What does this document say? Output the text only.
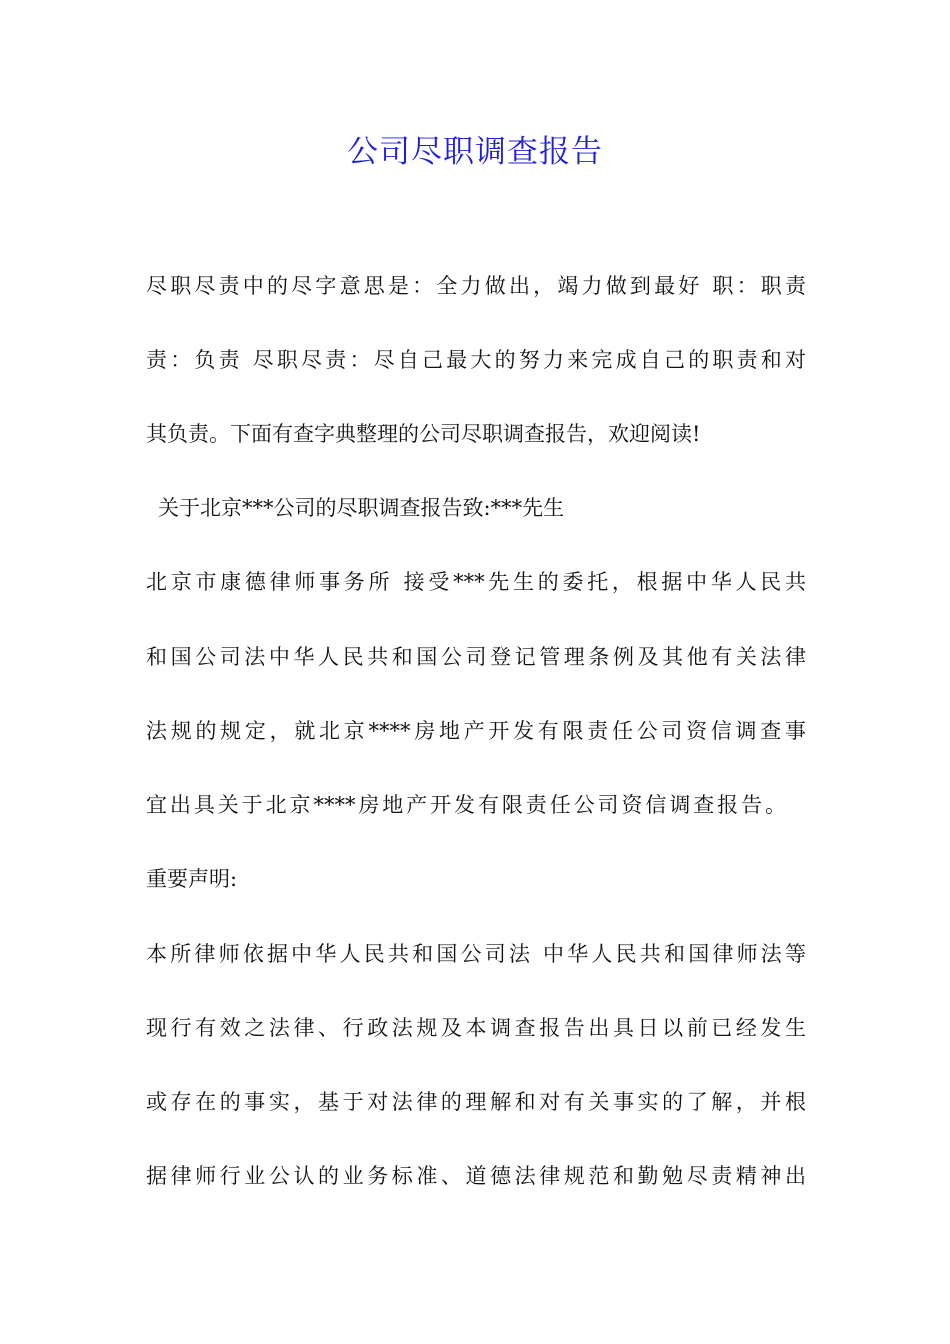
公司尽职调查报告
尽职尽责中的尽字意思是：全力做出，竭力做到最好 职：职责
责：负责 尽职尽责：尽自己最大的努力来完成自己的职责和对
其负责。下面有查字典整理的公司尽职调查报告，欢迎阅读!
关于北京***公司的尽职调查报告致:***先生
北京市康德律师事务所 接受***先生的委托，根据中华人民共
和国公司法中华人民共和国公司登记管理条例及其他有关法律
法规的规定，就北京****房地产开发有限责任公司资信调查事
宜出具关于北京****房地产开发有限责任公司资信调查报告。
重要声明:
本所律师依据中华人民共和国公司法 中华人民共和国律师法等
现行有效之法律、行政法规及本调查报告出具日以前已经发生
或存在的事实，基于对法律的理解和对有关事实的了解，并根
据律师行业公认的业务标准、道德法律规范和勤勉尽责精神出
